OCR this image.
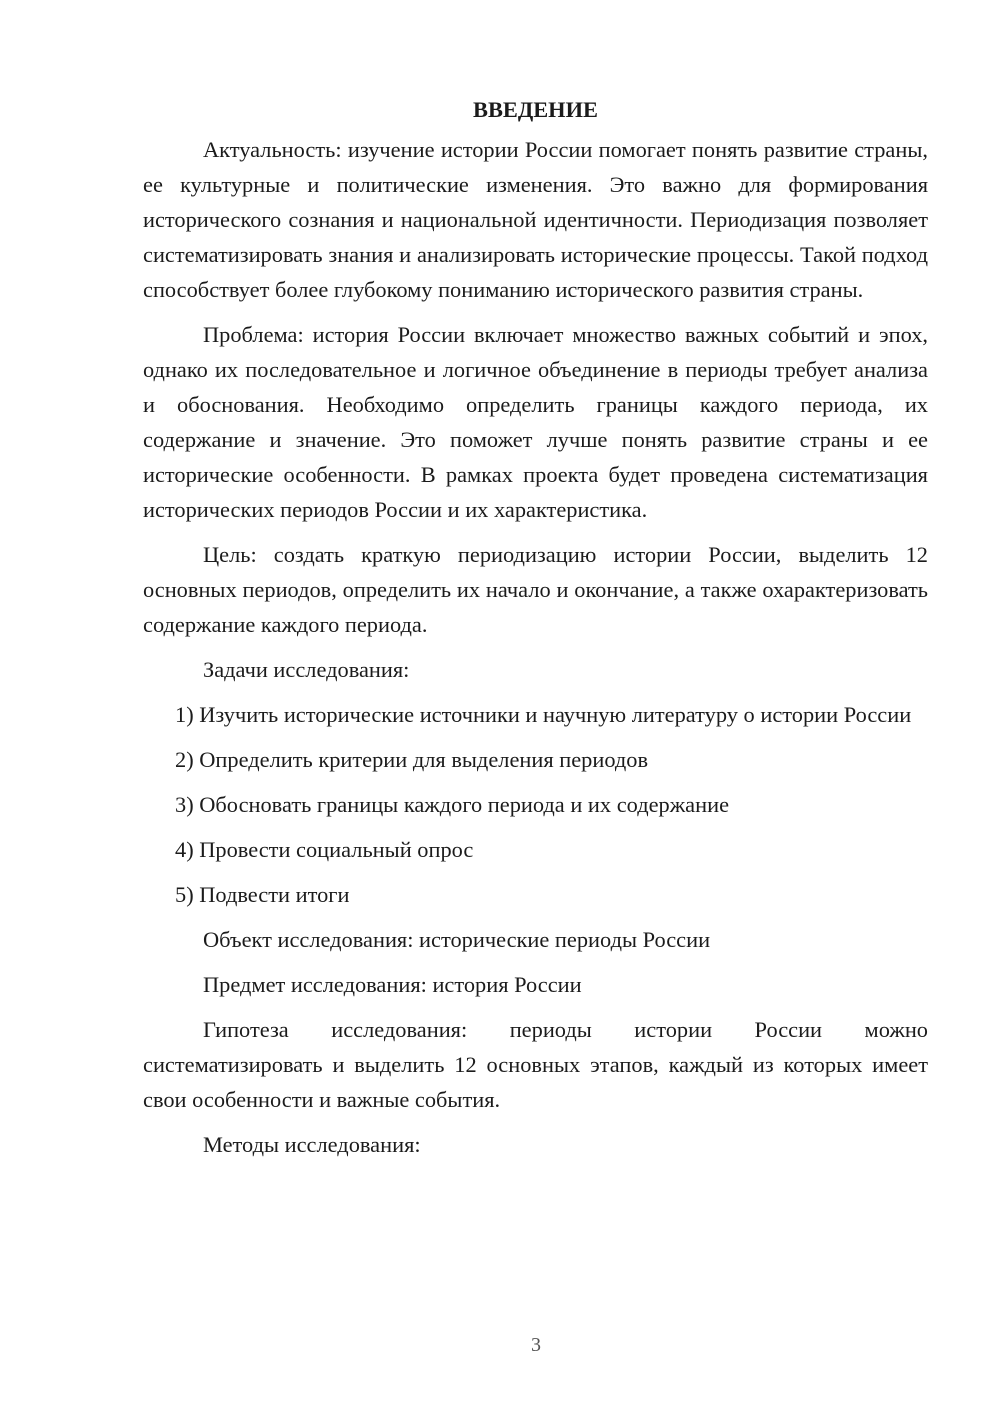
ВВЕДЕНИЕ

Актуальность: изучение истории России помогает понять развитие страны, ее культурные и политические изменения. Это важно для формирования исторического сознания и национальной идентичности. Периодизация позволяет систематизировать знания и анализировать исторические процессы. Такой подход способствует более глубокому пониманию исторического развития страны.

Проблема: история России включает множество важных событий и эпох, однако их последовательное и логичное объединение в периоды требует анализа и обоснования. Необходимо определить границы каждого периода, их содержание и значение. Это поможет лучше понять развитие страны и ее исторические особенности. В рамках проекта будет проведена систематизация исторических периодов России и их характеристика.

Цель: создать краткую периодизацию истории России, выделить 12 основных периодов, определить их начало и окончание, а также охарактеризовать содержание каждого периода.

Задачи исследования:

1) Изучить исторические источники и научную литературу о истории России

2) Определить критерии для выделения периодов

3) Обосновать границы каждого периода и их содержание

4) Провести социальный опрос

5) Подвести итоги

Объект исследования: исторические периоды России

Предмет исследования: история России

Гипотеза исследования: периоды истории России можно систематизировать и выделить 12 основных этапов, каждый из которых имеет свои особенности и важные события.

Методы исследования:

3
